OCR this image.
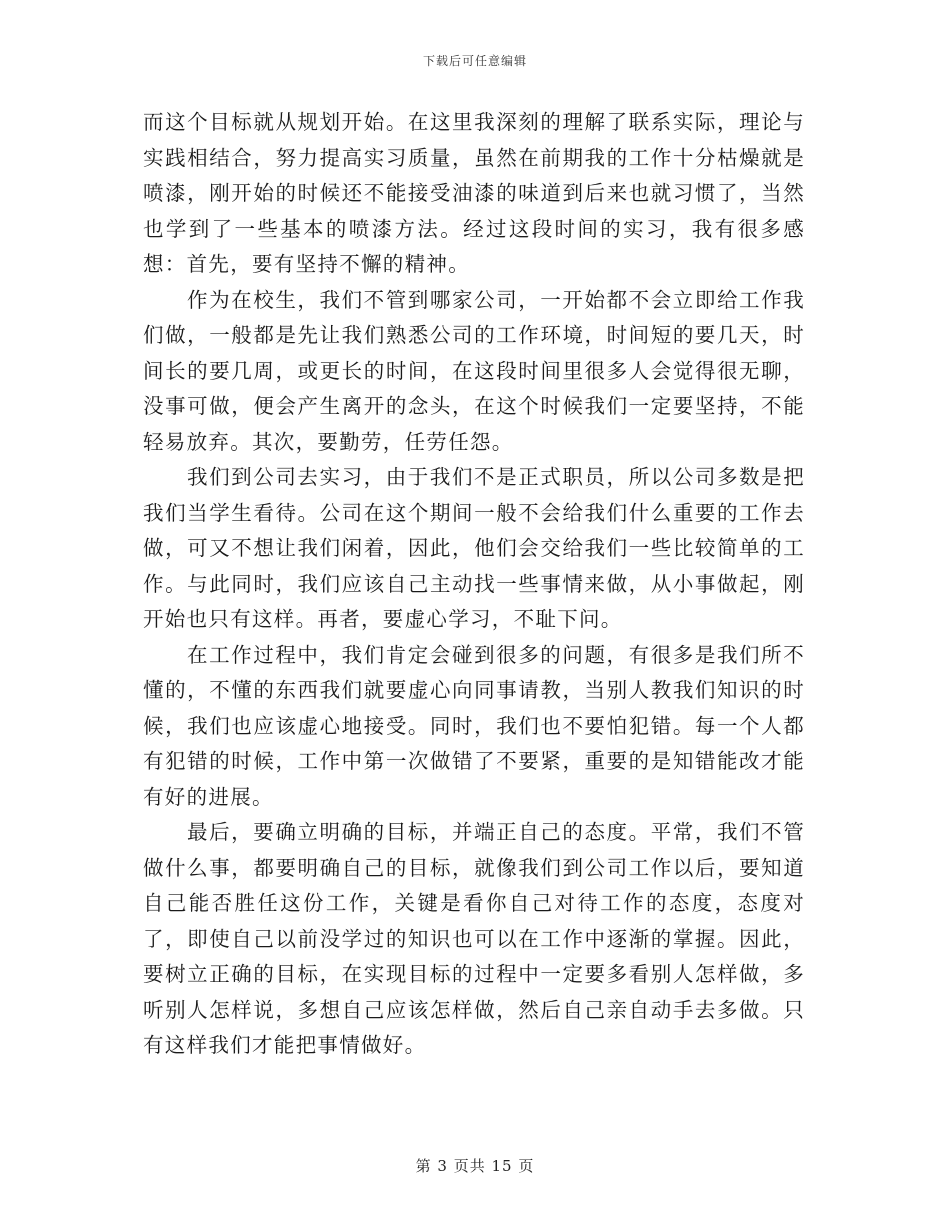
下载后可任意编辑

而这个目标就从规划开始。在这里我深刻的理解了联系实际，理论与实践相结合，努力提高实习质量，虽然在前期我的工作十分枯燥就是喷漆，刚开始的时候还不能接受油漆的味道到后来也就习惯了，当然也学到了一些基本的喷漆方法。经过这段时间的实习，我有很多感想：首先，要有坚持不懈的精神。

作为在校生，我们不管到哪家公司，一开始都不会立即给工作我们做，一般都是先让我们熟悉公司的工作环境，时间短的要几天，时间长的要几周，或更长的时间，在这段时间里很多人会觉得很无聊，没事可做，便会产生离开的念头，在这个时候我们一定要坚持，不能轻易放弃。其次，要勤劳，任劳任怨。

我们到公司去实习，由于我们不是正式职员，所以公司多数是把我们当学生看待。公司在这个期间一般不会给我们什么重要的工作去做，可又不想让我们闲着，因此，他们会交给我们一些比较简单的工作。与此同时，我们应该自己主动找一些事情来做，从小事做起，刚开始也只有这样。再者，要虚心学习，不耻下问。

在工作过程中，我们肯定会碰到很多的问题，有很多是我们所不懂的，不懂的东西我们就要虚心向同事请教，当别人教我们知识的时候，我们也应该虚心地接受。同时，我们也不要怕犯错。每一个人都有犯错的时候，工作中第一次做错了不要紧，重要的是知错能改才能有好的进展。

最后，要确立明确的目标，并端正自己的态度。平常，我们不管做什么事，都要明确自己的目标，就像我们到公司工作以后，要知道自己能否胜任这份工作，关键是看你自己对待工作的态度，态度对了，即使自己以前没学过的知识也可以在工作中逐渐的掌握。因此，要树立正确的目标，在实现目标的过程中一定要多看别人怎样做，多听别人怎样说，多想自己应该怎样做，然后自己亲自动手去多做。只有这样我们才能把事情做好。

第 3 页共 15 页
